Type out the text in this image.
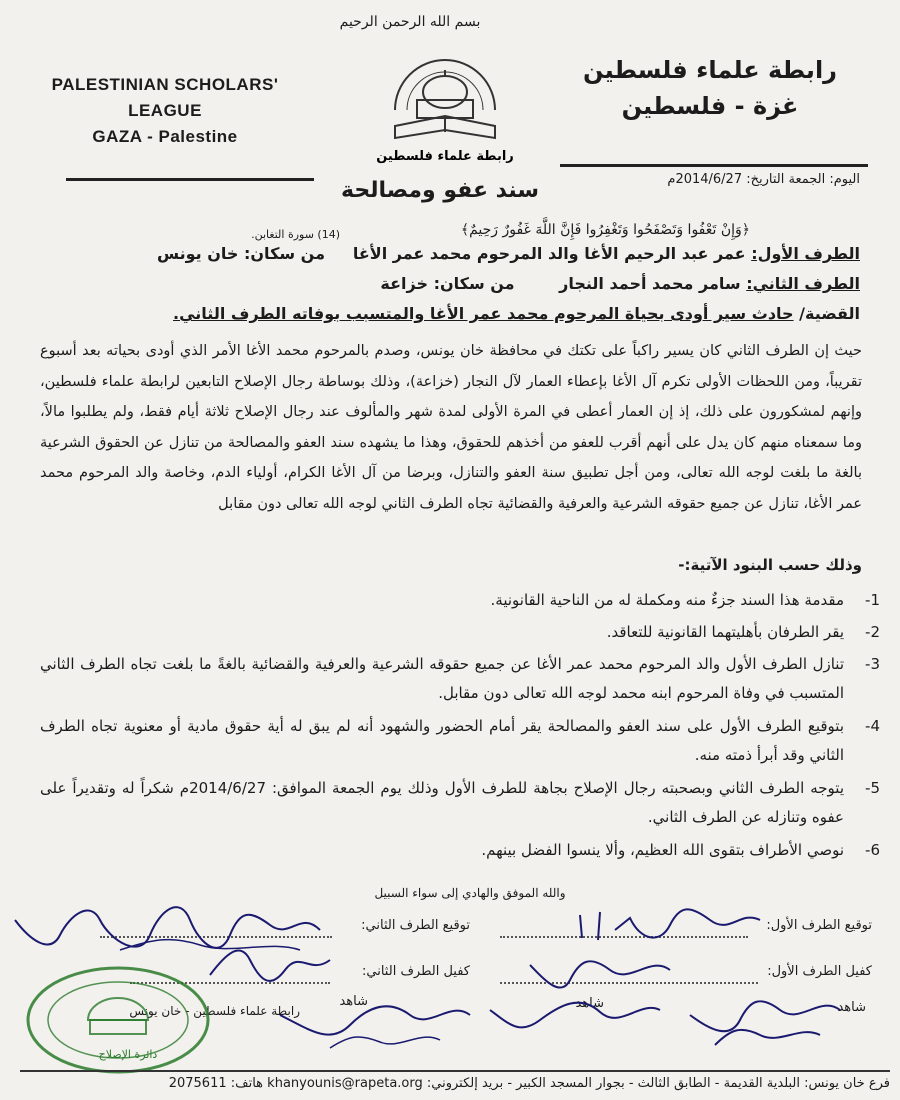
بسم الله الرحمن الرحيم
PALESTINIAN SCHOLARS'
LEAGUE
GAZA - Palestine
رابطة علماء فلسطين
غزة - فلسطين
رابطة علماء فلسطين
سند عفو ومصالحة	اليوم: الجمعة التاريخ: 2014/6/27م
﴿وَإِنْ تَعْفُوا وَتَصْفَحُوا وَتَغْفِرُوا فَإِنَّ اللَّهَ غَفُورٌ رَحِيمٌ﴾
(14) سورة التغابن.
الطرف الأول: عمر عبد الرحيم الأغا والد المرحوم محمد عمر الأغا     من سكان: خان يونس
الطرف الثاني: سامر محمد أحمد النجار        من سكان: خزاعة
القضية/ حادث سير أودى بحياة المرحوم محمد عمر الأغا والمتسبب بوفاته الطرف الثاني.

حيث إن الطرف الثاني كان يسير راكباً على تكتك في محافظة خان يونس، وصدم بالمرحوم محمد الأغا الأمر الذي أودى بحياته بعد أسبوع تقريباً، ومن اللحظات الأولى تكرم آل الأغا بإعطاء العمار لآل النجار (خزاعة)، وذلك بوساطة رجال الإصلاح التابعين لرابطة علماء فلسطين، وإنهم لمشكورون على ذلك، إذ إن العمار أعطى في المرة الأولى لمدة شهر والمألوف عند رجال الإصلاح ثلاثة أيام فقط، ولم يطلبوا مالاً، وما سمعناه منهم كان يدل على أنهم أقرب للعفو من أخذهم للحقوق، وهذا ما يشهده سند العفو والمصالحة من تنازل عن الحقوق الشرعية بالغة ما بلغت لوجه الله تعالى، ومن أجل تطبيق سنة العفو والتنازل، وبرضا من آل الأغا الكرام، أولياء الدم، وخاصة والد المرحوم محمد عمر الأغا، تنازل عن جميع حقوقه الشرعية والعرفية والقضائية تجاه الطرف الثاني لوجه الله تعالى دون مقابل

وذلك حسب البنود الآتية:-
1-
مقدمة هذا السند جزءٌ منه ومكملة له من الناحية القانونية.
2-
يقر الطرفان بأهليتهما القانونية للتعاقد.
3-
تنازل الطرف الأول والد المرحوم محمد عمر الأغا عن جميع حقوقه الشرعية والعرفية والقضائية بالغةً ما بلغت تجاه الطرف الثاني المتسبب في وفاة المرحوم ابنه محمد لوجه الله تعالى دون مقابل.
4-
بتوقيع الطرف الأول على سند العفو والمصالحة يقر أمام الحضور والشهود أنه لم يبق له أية حقوق مادية أو معنوية تجاه الطرف الثاني وقد أبرأ ذمته منه.
5-
يتوجه الطرف الثاني وبصحبته رجال الإصلاح بجاهة للطرف الأول وذلك يوم الجمعة الموافق: 2014/6/27م شكراً له وتقديراً على عفوه وتنازله عن الطرف الثاني.
6-
نوصي الأطراف بتقوى الله العظيم، وألا ينسوا الفضل بينهم.
والله الموفق والهادي إلى سواء السبيل
توقيع الطرف الأول:
توقيع الطرف الثاني:
كفيل الطرف الأول:
كفيل الطرف الثاني:
شاهد
شاهد
شاهد
رابطة علماء فلسطين - خان يونس
دائرة الإصلاح
فرع خان يونس: البلدية القديمة - الطابق الثالث - بجوار المسجد الكبير - بريد إلكتروني: khanyounis@rapeta.org هاتف: 2075611
